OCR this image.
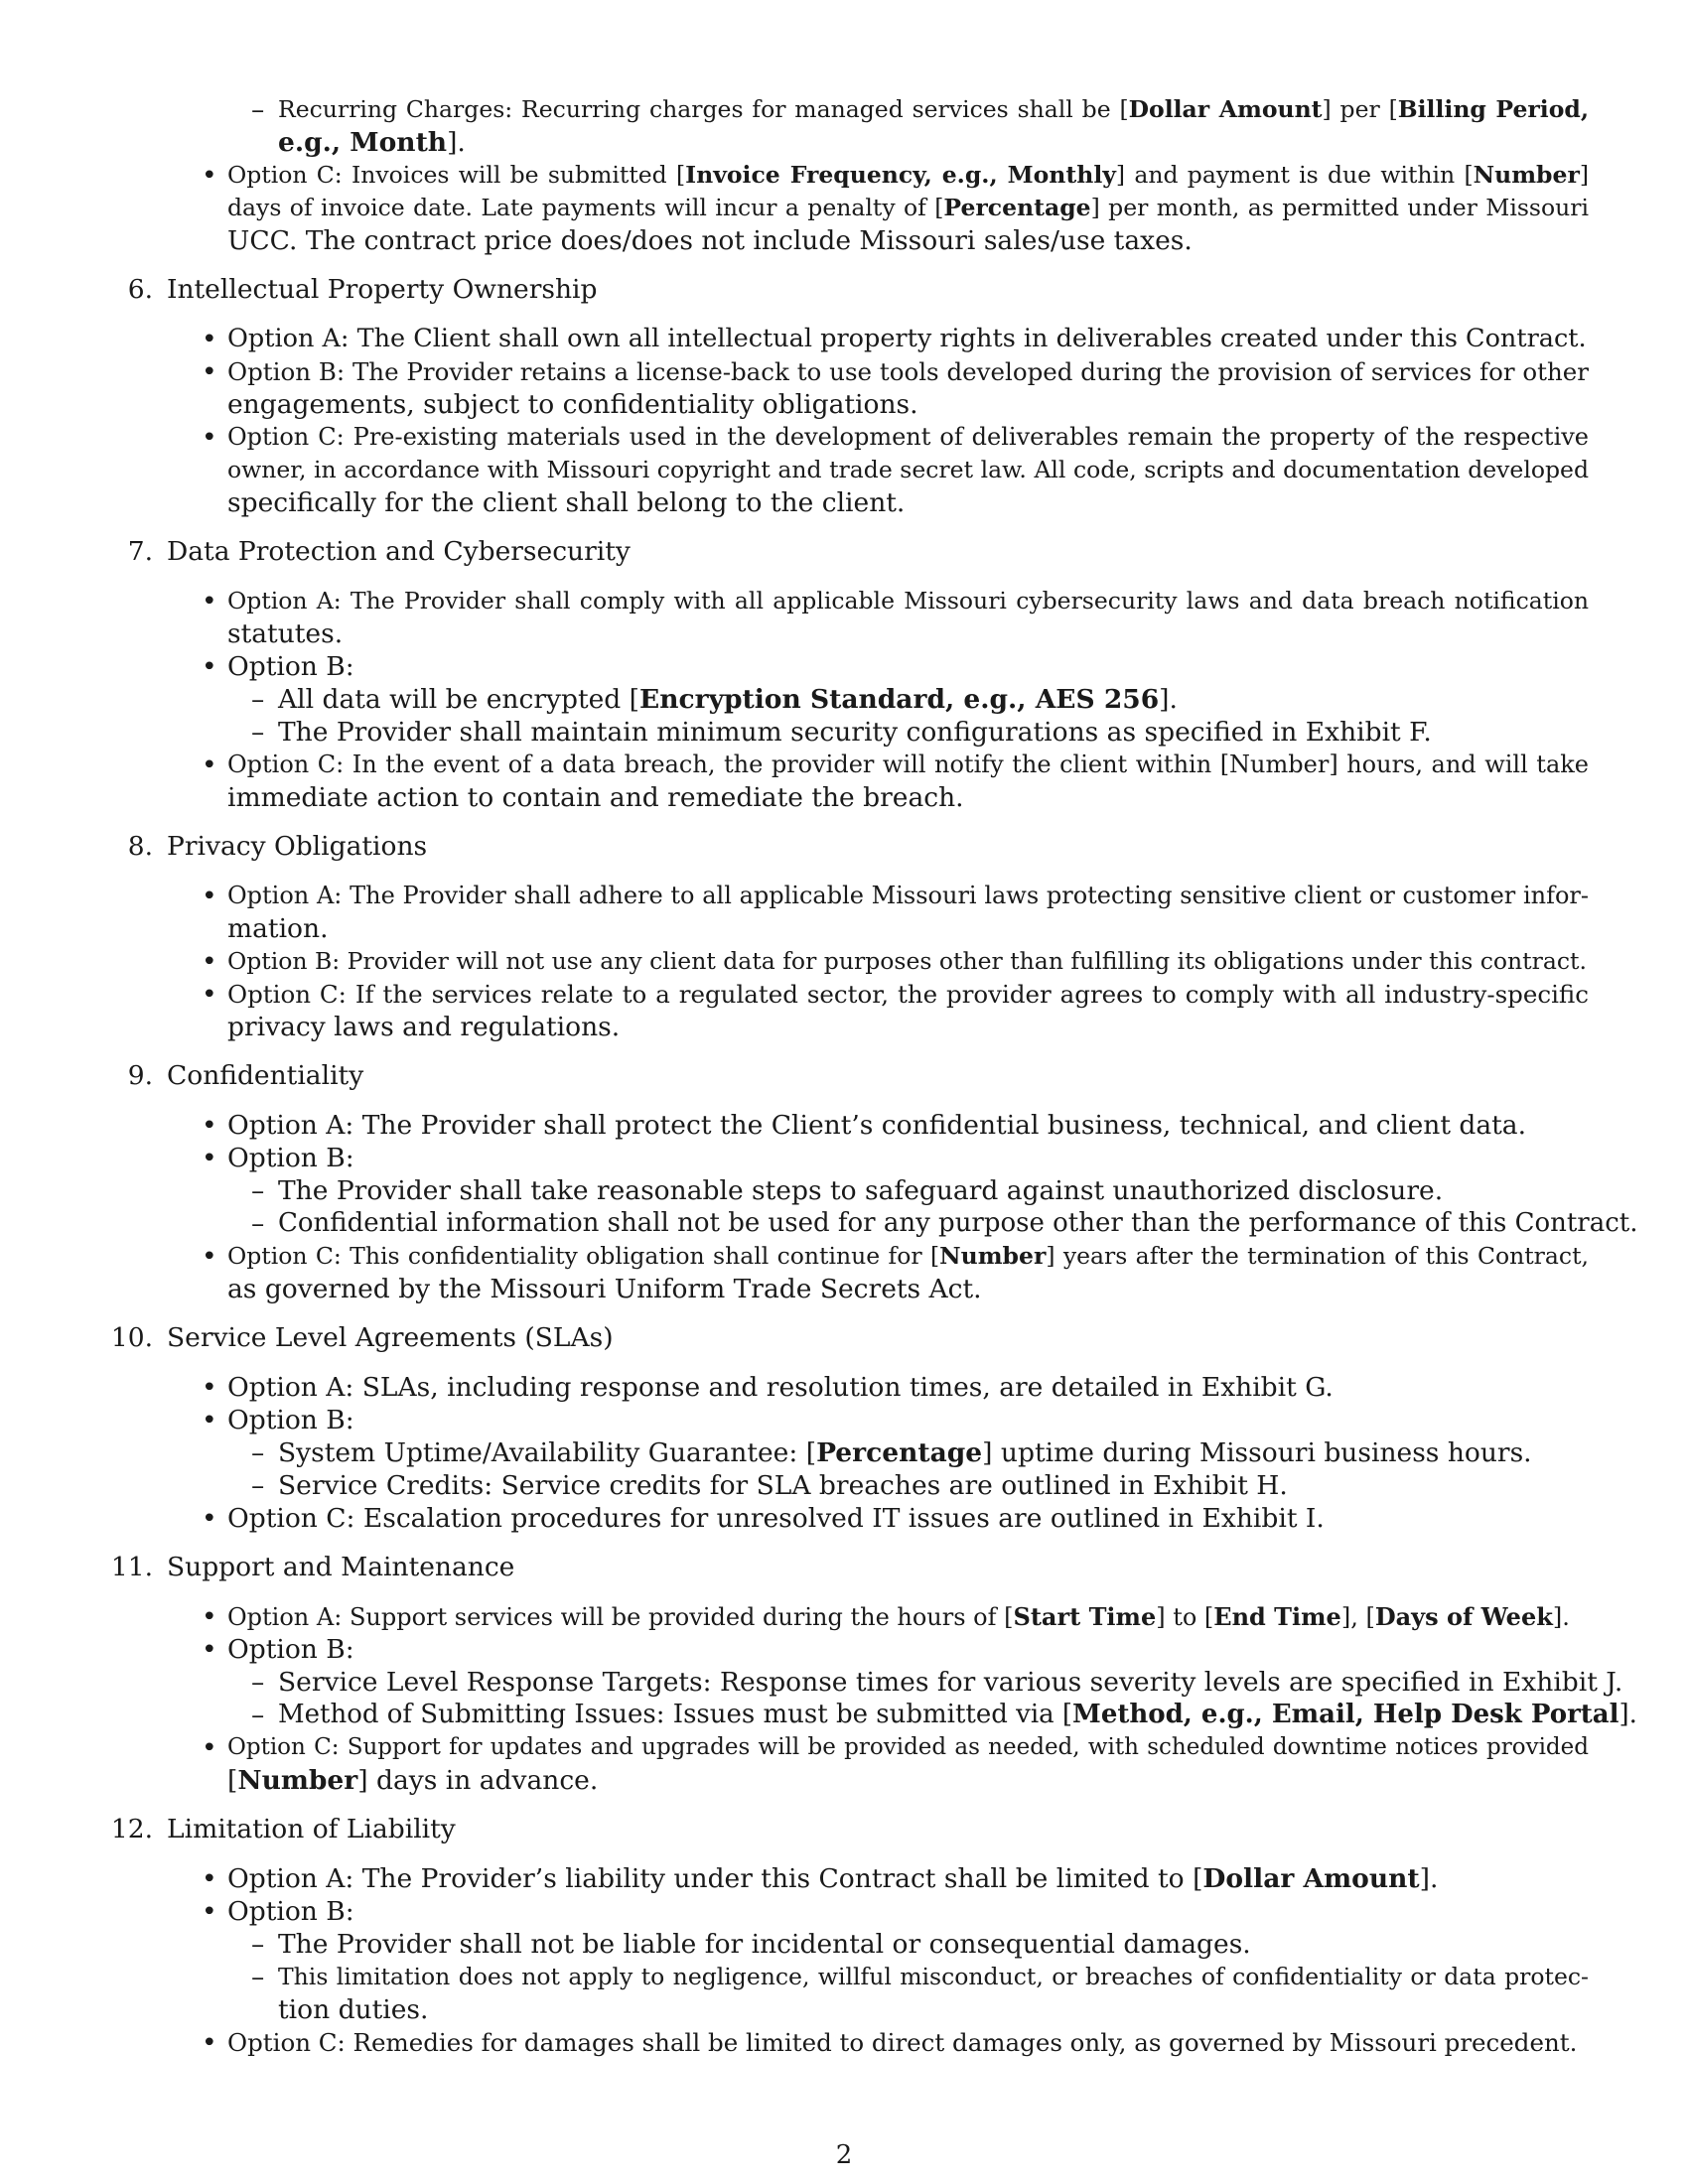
– Recurring Charges: Recurring charges for managed services shall be [Dollar Amount] per [Billing Period,
e.g., Month].
• Option C: Invoices will be submitted [Invoice Frequency, e.g., Monthly] and payment is due within [Number]
days of invoice date. Late payments will incur a penalty of [Percentage] per month, as permitted under Missouri
UCC. The contract price does/does not include Missouri sales/use taxes.
6. Intellectual Property Ownership
• Option A: The Client shall own all intellectual property rights in deliverables created under this Contract.
• Option B: The Provider retains a license-back to use tools developed during the provision of services for other
engagements, subject to confidentiality obligations.
• Option C: Pre-existing materials used in the development of deliverables remain the property of the respective
owner, in accordance with Missouri copyright and trade secret law. All code, scripts and documentation developed
specifically for the client shall belong to the client.
7. Data Protection and Cybersecurity
• Option A: The Provider shall comply with all applicable Missouri cybersecurity laws and data breach notification
statutes.
• Option B:
– All data will be encrypted [Encryption Standard, e.g., AES 256].
– The Provider shall maintain minimum security configurations as specified in Exhibit F.
• Option C: In the event of a data breach, the provider will notify the client within [Number] hours, and will take
immediate action to contain and remediate the breach.
8. Privacy Obligations
• Option A: The Provider shall adhere to all applicable Missouri laws protecting sensitive client or customer infor-
mation.
• Option B: Provider will not use any client data for purposes other than fulfilling its obligations under this contract.
• Option C: If the services relate to a regulated sector, the provider agrees to comply with all industry-specific
privacy laws and regulations.
9. Confidentiality
• Option A: The Provider shall protect the Client’s confidential business, technical, and client data.
• Option B:
– The Provider shall take reasonable steps to safeguard against unauthorized disclosure.
– Confidential information shall not be used for any purpose other than the performance of this Contract.
• Option C: This confidentiality obligation shall continue for [Number] years after the termination of this Contract,
as governed by the Missouri Uniform Trade Secrets Act.
10. Service Level Agreements (SLAs)
• Option A: SLAs, including response and resolution times, are detailed in Exhibit G.
• Option B:
– System Uptime/Availability Guarantee: [Percentage] uptime during Missouri business hours.
– Service Credits: Service credits for SLA breaches are outlined in Exhibit H.
• Option C: Escalation procedures for unresolved IT issues are outlined in Exhibit I.
11. Support and Maintenance
• Option A: Support services will be provided during the hours of [Start Time] to [End Time], [Days of Week].
• Option B:
– Service Level Response Targets: Response times for various severity levels are specified in Exhibit J.
– Method of Submitting Issues: Issues must be submitted via [Method, e.g., Email, Help Desk Portal].
• Option C: Support for updates and upgrades will be provided as needed, with scheduled downtime notices provided
[Number] days in advance.
12. Limitation of Liability
• Option A: The Provider’s liability under this Contract shall be limited to [Dollar Amount].
• Option B:
– The Provider shall not be liable for incidental or consequential damages.
– This limitation does not apply to negligence, willful misconduct, or breaches of confidentiality or data protec-
tion duties.
• Option C: Remedies for damages shall be limited to direct damages only, as governed by Missouri precedent.
2
